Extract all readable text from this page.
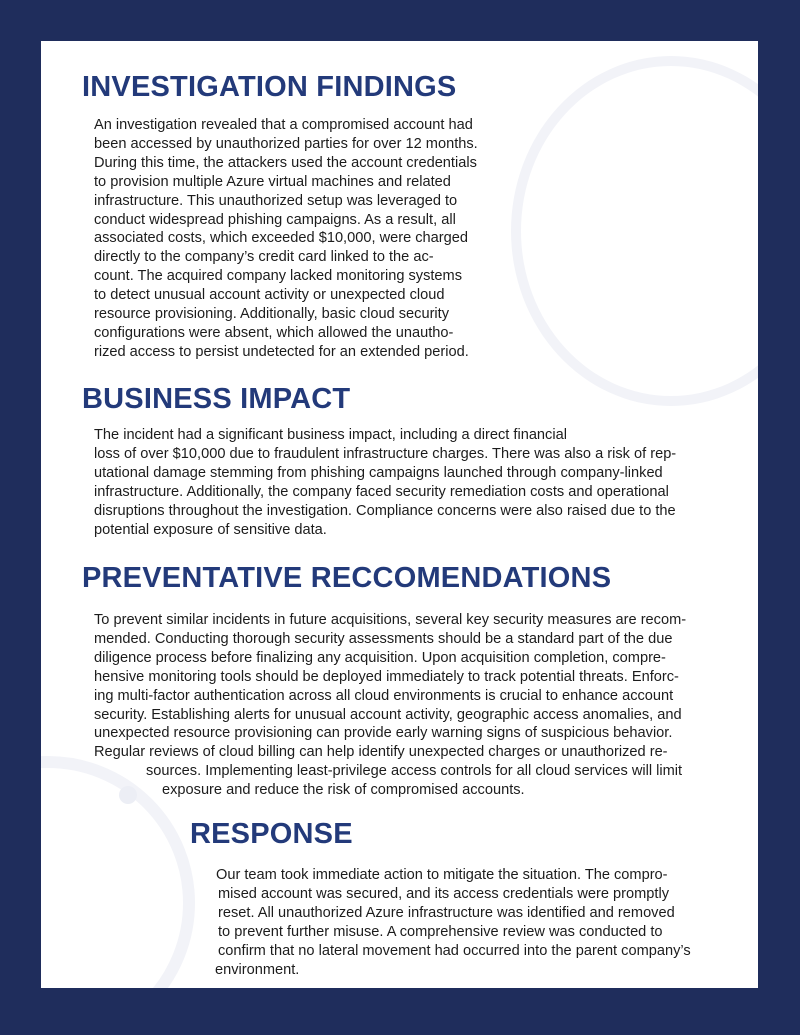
INVESTIGATION FINDINGS
An investigation revealed that a compromised account had
been accessed by unauthorized parties for over 12 months.
During this time, the attackers used the account credentials
to provision multiple Azure virtual machines and related
infrastructure. This unauthorized setup was leveraged to
conduct widespread phishing campaigns. As a result, all
associated costs, which exceeded $10,000, were charged
directly to the company’s credit card linked to the ac-
count. The acquired company lacked monitoring systems
to detect unusual account activity or unexpected cloud
resource provisioning. Additionally, basic cloud security
configurations were absent, which allowed the unautho-
rized access to persist undetected for an extended period.
BUSINESS IMPACT
The incident had a significant business impact, including a direct financial
loss of over $10,000 due to fraudulent infrastructure charges. There was also a risk of rep-
utational damage stemming from phishing campaigns launched through company-linked
infrastructure. Additionally, the company faced security remediation costs and operational
disruptions throughout the investigation. Compliance concerns were also raised due to the
potential exposure of sensitive data.
PREVENTATIVE RECCOMENDATIONS
To prevent similar incidents in future acquisitions, several key security measures are recom-
mended. Conducting thorough security assessments should be a standard part of the due
diligence process before finalizing any acquisition. Upon acquisition completion, compre-
hensive monitoring tools should be deployed immediately to track potential threats. Enforc-
ing multi-factor authentication across all cloud environments is crucial to enhance account
security. Establishing alerts for unusual account activity, geographic access anomalies, and
unexpected resource provisioning can provide early warning signs of suspicious behavior.
Regular reviews of cloud billing can help identify unexpected charges or unauthorized re-
sources. Implementing least-privilege access controls for all cloud services will limit
exposure and reduce the risk of compromised accounts.
RESPONSE
Our team took immediate action to mitigate the situation. The compro-
mised account was secured, and its access credentials were promptly
reset. All unauthorized Azure infrastructure was identified and removed
to prevent further misuse. A comprehensive review was conducted to
confirm that no lateral movement had occurred into the parent company’s
environment.
